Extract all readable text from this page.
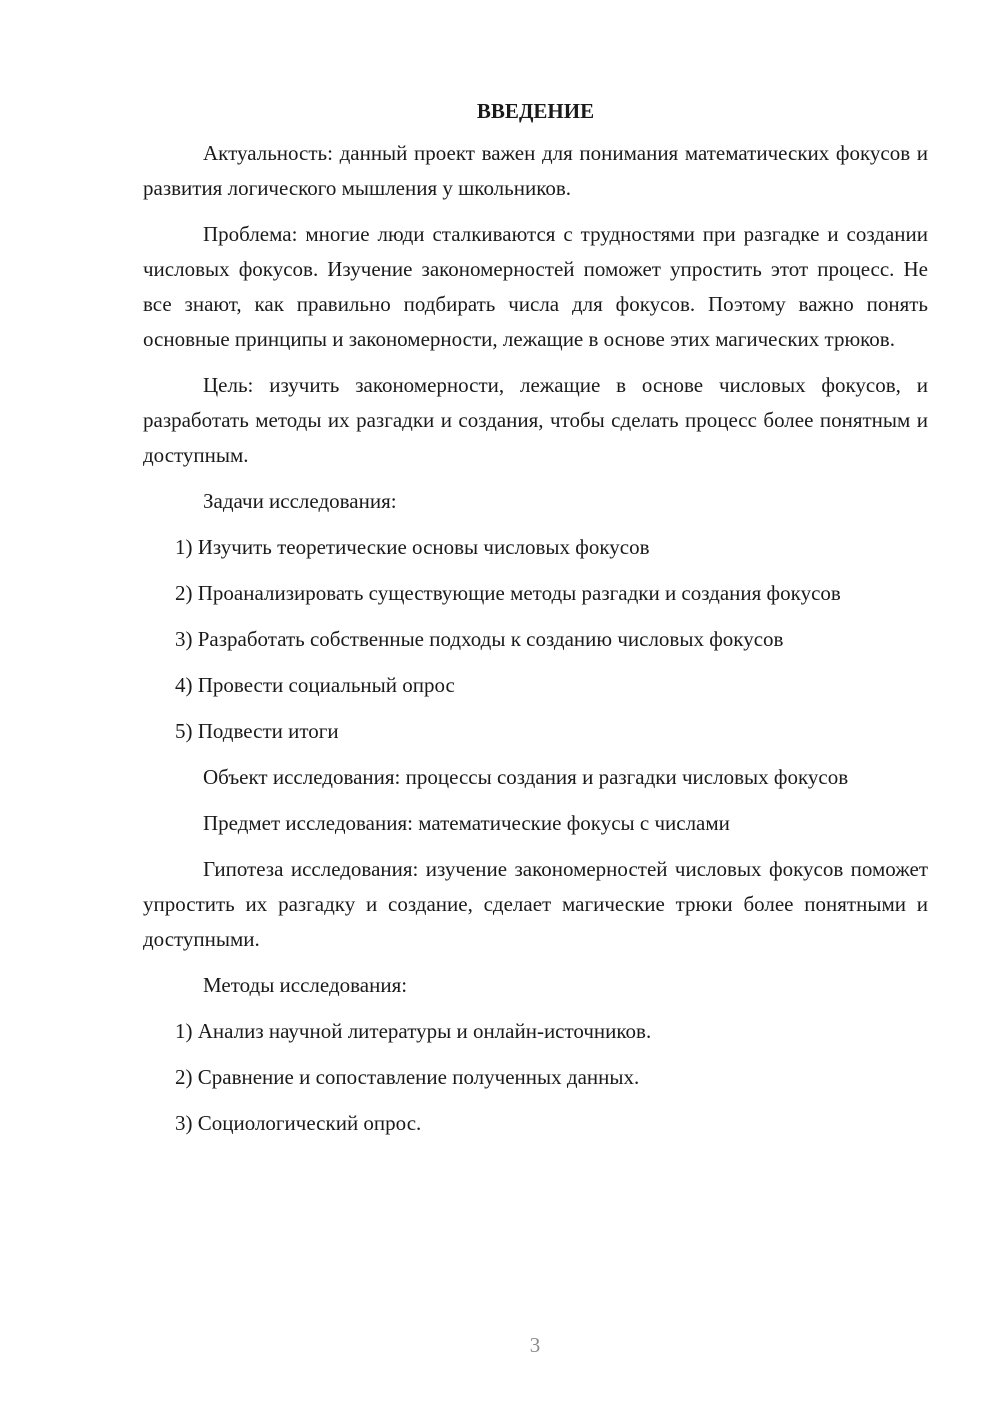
ВВЕДЕНИЕ
Актуальность: данный проект важен для понимания математических фокусов и развития логического мышления у школьников.
Проблема: многие люди сталкиваются с трудностями при разгадке и создании числовых фокусов. Изучение закономерностей поможет упростить этот процесс. Не все знают, как правильно подбирать числа для фокусов. Поэтому важно понять основные принципы и закономерности, лежащие в основе этих магических трюков.
Цель: изучить закономерности, лежащие в основе числовых фокусов, и разработать методы их разгадки и создания, чтобы сделать процесс более понятным и доступным.
Задачи исследования:
1) Изучить теоретические основы числовых фокусов
2) Проанализировать существующие методы разгадки и создания фокусов
3) Разработать собственные подходы к созданию числовых фокусов
4) Провести социальный опрос
5) Подвести итоги
Объект исследования: процессы создания и разгадки числовых фокусов
Предмет исследования: математические фокусы с числами
Гипотеза исследования: изучение закономерностей числовых фокусов поможет упростить их разгадку и создание, сделает магические трюки более понятными и доступными.
Методы исследования:
1) Анализ научной литературы и онлайн-источников.
2) Сравнение и сопоставление полученных данных.
3) Социологический опрос.
3
